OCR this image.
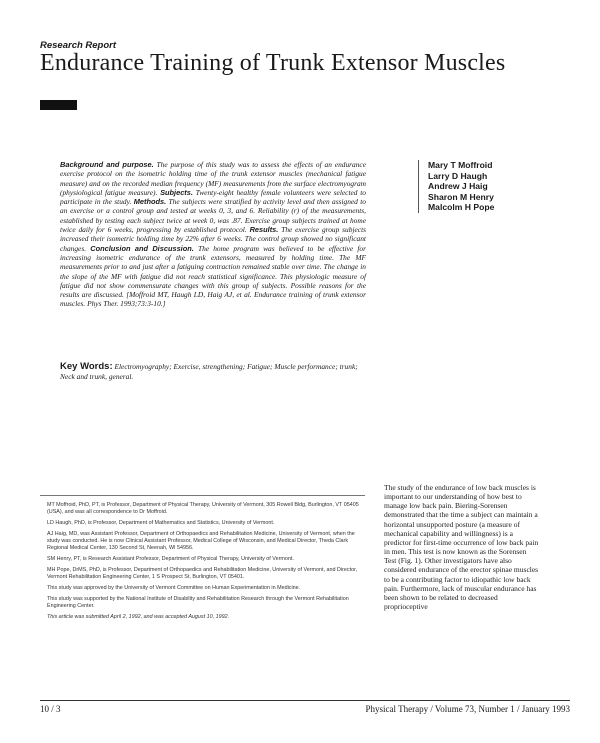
Research Report
Endurance Training of Trunk Extensor Muscles

Background and purpose. The purpose of this study was to assess the effects of an endurance exercise protocol on the isometric holding time of the trunk extensor muscles (mechanical fatigue measure) and on the recorded median frequency (MF) measurements from the surface electromyogram (physiological fatigue measure). Subjects. Twenty-eight healthy female volunteers were selected to participate in the study. Methods. The subjects were stratified by activity level and then assigned to an exercise or a control group and tested at weeks 0, 3, and 6. Reliability (r) of the measurements, established by testing each subject twice at week 0, was .87. Exercise group subjects trained at home twice daily for 6 weeks, progressing by established protocol. Results. The exercise group subjects increased their isometric holding time by 22% after 6 weeks. The control group showed no significant changes. Conclusion and Discussion. The home program was believed to be effective for increasing isometric endurance of the trunk extensors, measured by holding time. The MF measurements prior to and just after a fatiguing contraction remained stable over time. The change in the slope of the MF with fatigue did not reach statistical significance. This physiologic measure of fatigue did not show commensurate changes with this group of subjects. Possible reasons for the results are discussed. [Moffroid MT, Haugh LD, Haig AJ, et al. Endurance training of trunk extensor muscles. Phys Ther. 1993;73:3-10.]

Mary T Moffroid
Larry D Haugh
Andrew J Haig
Sharon M Henry
Malcolm H Pope

Key Words: Electromyography; Exercise, strengthening; Fatigue; Muscle performance; trunk; Neck and trunk, general.

MT Moffroid, PhD, PT, is Professor, Department of Physical Therapy, University of Vermont, 305 Rowell Bldg, Burlington, VT 05405 (USA), and was all correspondence to Dr Moffroid.

LD Haugh, PhD, is Professor, Department of Mathematics and Statistics, University of Vermont.

AJ Haig, MD, was Assistant Professor, Department of Orthopaedics and Rehabilitation Medicine, University of Vermont, when the study was conducted. He is now Clinical Assistant Professor, Medical College of Wisconsin, and Medical Director, Theda Clark Regional Medical Center, 130 Second St, Neenah, WI 54956.

SM Henry, PT, is Research Assistant Professor, Department of Physical Therapy, University of Vermont.

MH Pope, DrMS, PhD, is Professor, Department of Orthopaedics and Rehabilitation Medicine, University of Vermont, and Director, Vermont Rehabilitation Engineering Center, 1 S Prospect St, Burlington, VT 05401.

This study was approved by the University of Vermont Committee on Human Experimentation in Medicine.

This study was supported by the National Institute of Disability and Rehabilitation Research through the Vermont Rehabilitation Engineering Center.

This article was submitted April 2, 1992, and was accepted August 10, 1992.

The study of the endurance of low back muscles is important to our understanding of how best to manage low back pain. Biering-Sorensen demonstrated that the time a subject can maintain a horizontal unsupported posture (a measure of mechanical capability and willingness) is a predictor for first-time occurrence of low back pain in men. This test is now known as the Sorensen Test (Fig. 1). Other investigators have also considered endurance of the erector spinae muscles to be a contributing factor to idiopathic low back pain. Furthermore, lack of muscular endurance has been shown to be related to decreased proprioceptive

10 / 3	Physical Therapy / Volume 73, Number 1 / January 1993
